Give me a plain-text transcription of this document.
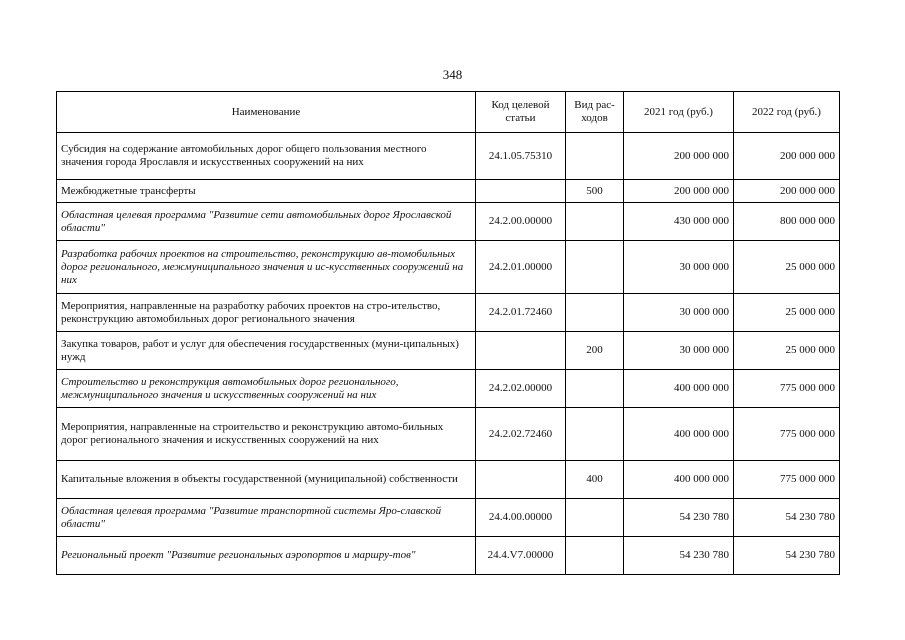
348
Наименование	Код целевой статьи	Вид рас-ходов	2021 год (руб.)	2022 год (руб.)
Субсидия на содержание автомобильных дорог общего пользования местного значения города Ярославля и искусственных сооружений на них	24.1.05.75310		200 000 000	200 000 000
Межбюджетные трансферты		500	200 000 000	200 000 000
Областная целевая программа "Развитие сети автомобильных дорог Ярославской области"	24.2.00.00000		430 000 000	800 000 000
Разработка рабочих проектов на строительство, реконструкцию ав-томобильных дорог регионального, межмуниципального значения и ис-кусственных сооружений на них	24.2.01.00000		30 000 000	25 000 000
Мероприятия, направленные на разработку рабочих проектов на стро-ительство, реконструкцию автомобильных дорог регионального значения	24.2.01.72460		30 000 000	25 000 000
Закупка товаров, работ и услуг для обеспечения государственных (муни-ципальных) нужд		200	30 000 000	25 000 000
Строительство и реконструкция автомобильных дорог регионального, межмуниципального значения и искусственных сооружений на них	24.2.02.00000		400 000 000	775 000 000
Мероприятия, направленные на строительство и реконструкцию автомо-бильных дорог регионального значения и искусственных сооружений на них	24.2.02.72460		400 000 000	775 000 000
Капитальные вложения в объекты государственной (муниципальной) собственности		400	400 000 000	775 000 000
Областная целевая программа "Развитие транспортной системы Яро-славской области"	24.4.00.00000		54 230 780	54 230 780
Региональный проект "Развитие региональных аэропортов и маршру-тов"	24.4.V7.00000		54 230 780	54 230 780
